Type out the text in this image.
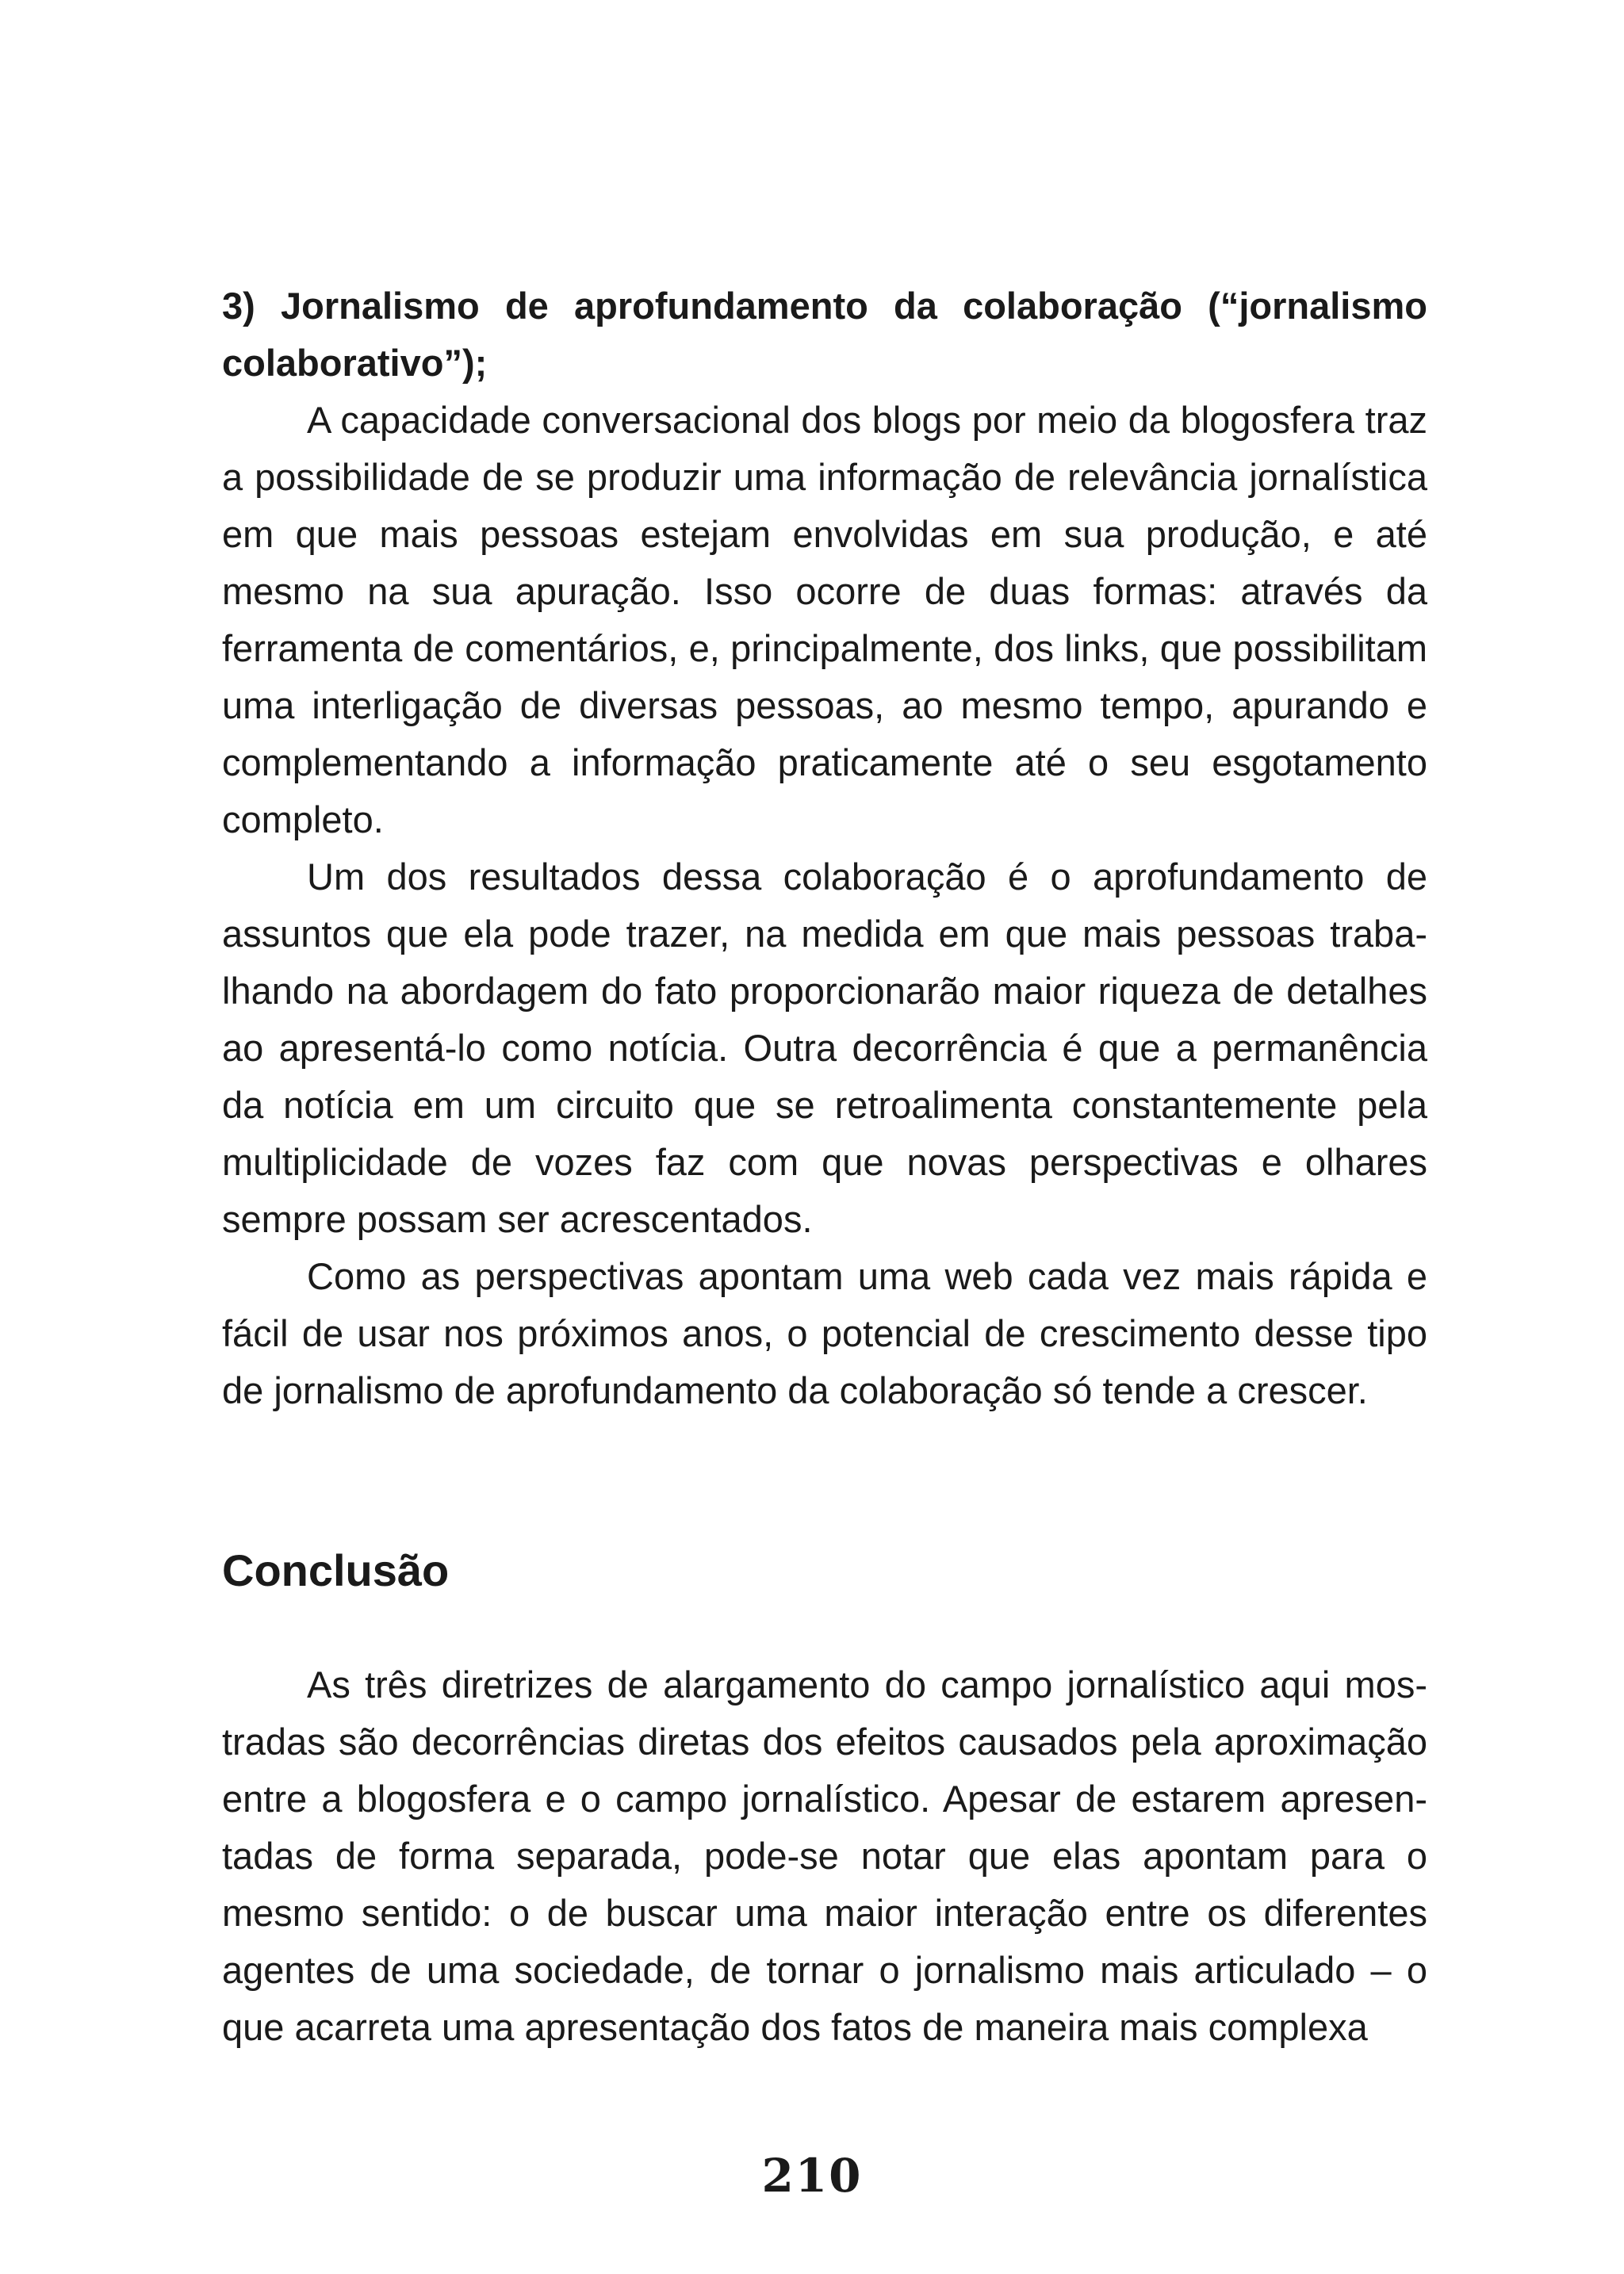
3) Jornalismo de aprofundamento da colaboração (“jornalismo colaborativo”);

A capacidade conversacional dos blogs por meio da blogosfera traz a possibilidade de se produzir uma informação de relevância jornalística em que mais pessoas estejam envolvidas em sua produção, e até mesmo na sua apuração. Isso ocorre de duas formas: através da ferramenta de comentários, e, principalmente, dos links, que possibilitam uma interligação de diversas pessoas, ao mesmo tempo, apurando e complementando a informação praticamente até o seu esgotamento completo.

Um dos resultados dessa colaboração é o aprofundamento de assuntos que ela pode trazer, na medida em que mais pessoas trabalhando na abordagem do fato proporcionarão maior riqueza de detalhes ao apresentá-lo como notícia. Outra decorrência é que a permanência da notícia em um circuito que se retroalimenta constantemente pela multiplicidade de vozes faz com que novas perspectivas e olhares sempre possam ser acrescentados.

Como as perspectivas apontam uma web cada vez mais rápida e fácil de usar nos próximos anos, o potencial de crescimento desse tipo de jornalismo de aprofundamento da colaboração só tende a crescer.

Conclusão

As três diretrizes de alargamento do campo jornalístico aqui mostradas são decorrências diretas dos efeitos causados pela aproximação entre a blogosfera e o campo jornalístico. Apesar de estarem apresentadas de forma separada, pode-se notar que elas apontam para o mesmo sentido: o de buscar uma maior interação entre os diferentes agentes de uma sociedade, de tornar o jornalismo mais articulado – o que acarreta uma apresentação dos fatos de maneira mais complexa

210
